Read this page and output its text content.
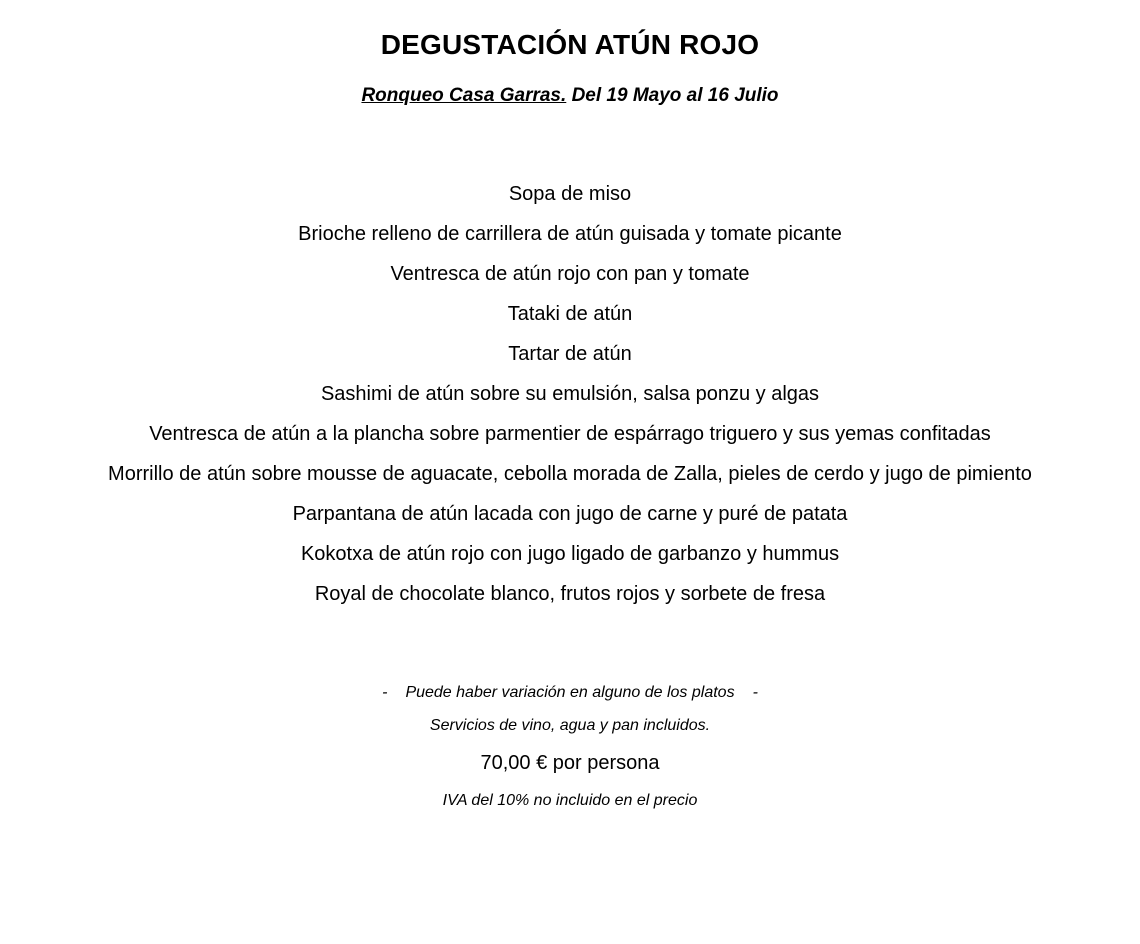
DEGUSTACIÓN ATÚN ROJO
Ronqueo Casa Garras. Del 19 Mayo al 16 Julio

Sopa de miso

Brioche relleno de carrillera de atún guisada y tomate picante

Ventresca de atún rojo con pan y tomate

Tataki de atún

Tartar de atún

Sashimi de atún sobre su emulsión, salsa ponzu y algas

Ventresca de atún a la plancha sobre parmentier de espárrago triguero y sus yemas confitadas

Morrillo de atún sobre mousse de aguacate, cebolla morada de Zalla, pieles de cerdo y jugo de pimiento

Parpantana de atún lacada con jugo de carne y puré de patata

Kokotxa de atún rojo con jugo ligado de garbanzo y hummus

Royal de chocolate blanco, frutos rojos y sorbete de fresa

- Puede haber variación en alguno de los platos -
Servicios de vino, agua y pan incluidos.
70,00 € por persona
IVA del 10% no incluido en el precio
